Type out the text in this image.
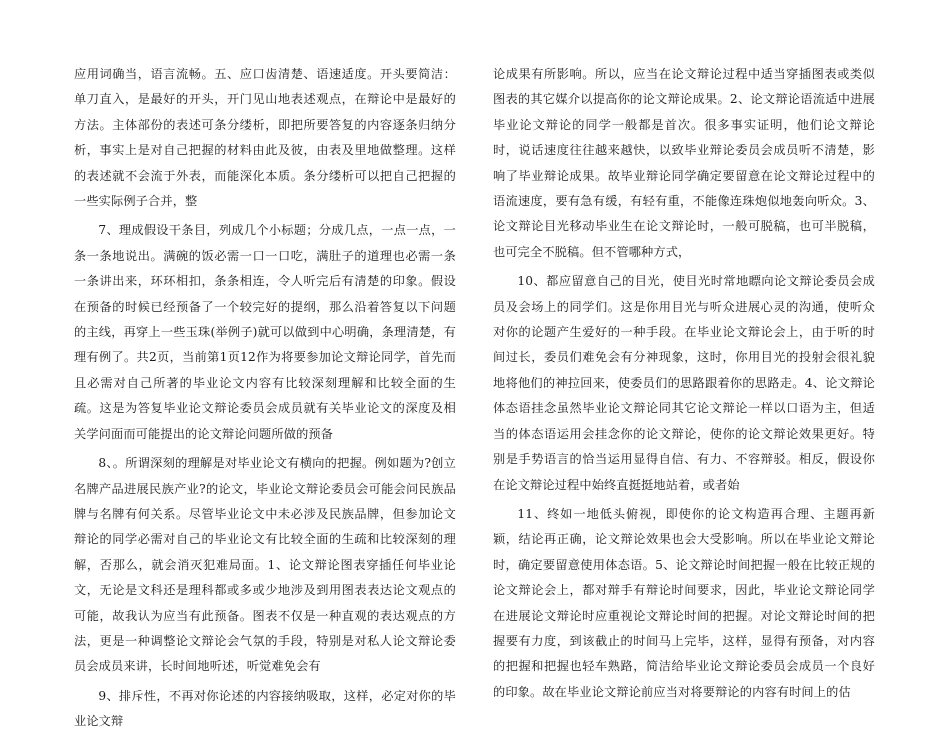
应用词确当，语言流畅。五、应口齿清楚、语速适度。开头要简洁：单刀直入，是最好的开头，开门见山地表述观点，在辩论中是最好的方法。主体部份的表述可条分缕析，即把所要答复的内容逐条归纳分析，事实上是对自己把握的材料由此及彼，由表及里地做整理。这样的表述就不会流于外表，而能深化本质。条分缕析可以把自己把握的一些实际例子合并，整

7、理成假设干条目，列成几个小标题；分成几点，一点一点，一条一条地说出。满碗的饭必需一口一口吃，满肚子的道理也必需一条一条讲出来，环环相扣，条条相连，令人听完后有清楚的印象。假设在预备的时候已经预备了一个较完好的提纲，那么沿着答复以下问题的主线，再穿上一些玉珠(举例子)就可以做到中心明确，条理清楚，有理有例了。共2页，当前第1页12作为将要参加论文辩论同学，首先而且必需对自己所著的毕业论文内容有比较深刻理解和比较全面的生疏。这是为答复毕业论文辩论委员会成员就有关毕业论文的深度及相关学问面而可能提出的论文辩论问题所做的预备

8、。所谓深刻的理解是对毕业论文有横向的把握。例如题为?创立名牌产品进展民族产业?的论文，毕业论文辩论委员会可能会问民族品牌与名牌有何关系。尽管毕业论文中未必涉及民族品牌，但参加论文辩论的同学必需对自己的毕业论文有比较全面的生疏和比较深刻的理解，否那么，就会消灭犯难局面。1、论文辩论图表穿插任何毕业论文，无论是文科还是理科都或多或少地涉及到用图表表达论文观点的可能，故我认为应当有此预备。图表不仅是一种直观的表达观点的方法，更是一种调整论文辩论会气氛的手段，特别是对私人论文辩论委员会成员来讲，长时间地听述，听觉难免会有

9、排斥性，不再对你论述的内容接纳吸取，这样，必定对你的毕业论文辩

论成果有所影响。所以，应当在论文辩论过程中适当穿插图表或类似图表的其它媒介以提高你的论文辩论成果。2、论文辩论语流适中进展毕业论文辩论的同学一般都是首次。很多事实证明，他们论文辩论时，说话速度往往越来越快，以致毕业辩论委员会成员听不清楚，影响了毕业辩论成果。故毕业辩论同学确定要留意在论文辩论过程中的语流速度，要有急有缓，有轻有重，不能像连珠炮似地轰向听众。3、论文辩论目光移动毕业生在论文辩论时，一般可脱稿，也可半脱稿，也可完全不脱稿。但不管哪种方式，

10、都应留意自己的目光，使目光时常地瞟向论文辩论委员会成员及会场上的同学们。这是你用目光与听众进展心灵的沟通，使听众对你的论题产生爱好的一种手段。在毕业论文辩论会上，由于听的时间过长，委员们难免会有分神现象，这时，你用目光的投射会很礼貌地将他们的神拉回来，使委员们的思路跟着你的思路走。4、论文辩论体态语挂念虽然毕业论文辩论同其它论文辩论一样以口语为主，但适当的体态语运用会挂念你的论文辩论，使你的论文辩论效果更好。特别是手势语言的恰当运用显得自信、有力、不容辩驳。相反，假设你在论文辩论过程中始终直挺挺地站着，或者始

11、终如一地低头俯视，即使你的论文构造再合理、主题再新颖，结论再正确，论文辩论效果也会大受影响。所以在毕业论文辩论时，确定要留意使用体态语。5、论文辩论时间把握一般在比较正规的论文辩论会上，都对辩手有辩论时间要求，因此，毕业论文辩论同学在进展论文辩论时应重视论文辩论时间的把握。对论文辩论时间的把握要有力度，到该截止的时间马上完毕，这样，显得有预备，对内容的把握和把握也轻车熟路，简洁给毕业论文辩论委员会成员一个良好的印象。故在毕业论文辩论前应当对将要辩论的内容有时间上的估
